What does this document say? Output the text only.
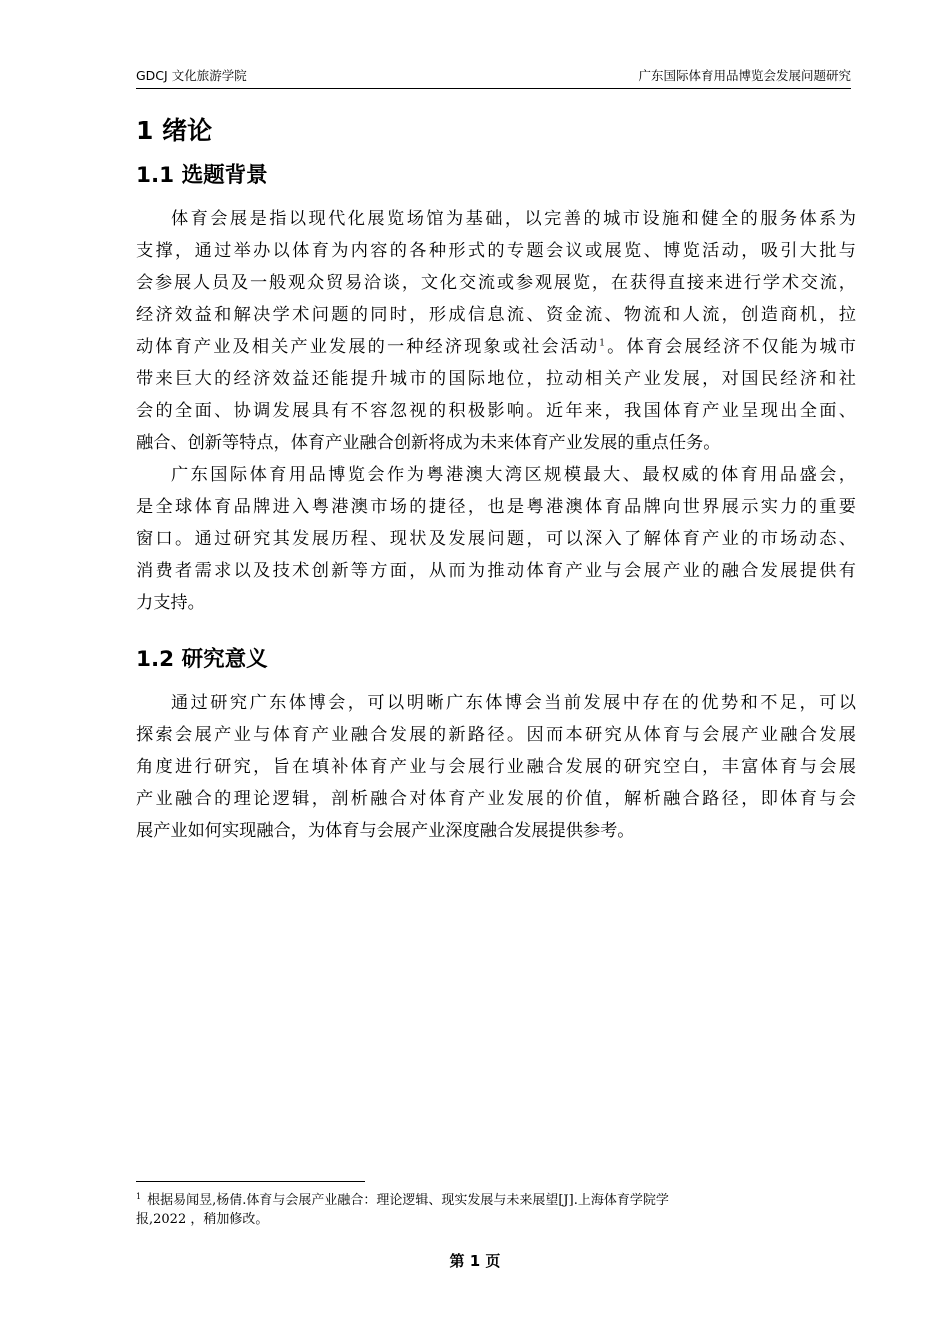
GDCJ 文化旅游学院	广东国际体育用品博览会发展问题研究
1 绪论
1.1 选题背景
体育会展是指以现代化展览场馆为基础，以完善的城市设施和健全的服务体系为
支撑，通过举办以体育为内容的各种形式的专题会议或展览、博览活动，吸引大批与
会参展人员及一般观众贸易洽谈，文化交流或参观展览，在获得直接来进行学术交流，
经济效益和解决学术问题的同时，形成信息流、资金流、物流和人流，创造商机，拉
动体育产业及相关产业发展的一种经济现象或社会活动$^1$。体育会展经济不仅能为城市
带来巨大的经济效益还能提升城市的国际地位，拉动相关产业发展，对国民经济和社
会的全面、协调发展具有不容忽视的积极影响。近年来，我国体育产业呈现出全面、
融合、创新等特点，体育产业融合创新将成为未来体育产业发展的重点任务。
广东国际体育用品博览会作为粤港澳大湾区规模最大、最权威的体育用品盛会，
是全球体育品牌进入粤港澳市场的捷径，也是粤港澳体育品牌向世界展示实力的重要
窗口。通过研究其发展历程、现状及发展问题，可以深入了解体育产业的市场动态、
消费者需求以及技术创新等方面，从而为推动体育产业与会展产业的融合发展提供有
力支持。
1.2 研究意义
通过研究广东体博会，可以明晰广东体博会当前发展中存在的优势和不足，可以
探索会展产业与体育产业融合发展的新路径。因而本研究从体育与会展产业融合发展
角度进行研究，旨在填补体育产业与会展行业融合发展的研究空白，丰富体育与会展
产业融合的理论逻辑，剖析融合对体育产业发展的价值，解析融合路径，即体育与会
展产业如何实现融合，为体育与会展产业深度融合发展提供参考。
$^1$ 根据易闻昱,杨倩.体育与会展产业融合：理论逻辑、现实发展与未来展望[J].上海体育学院学
报,2022 ，稍加修改。
第 1 页
